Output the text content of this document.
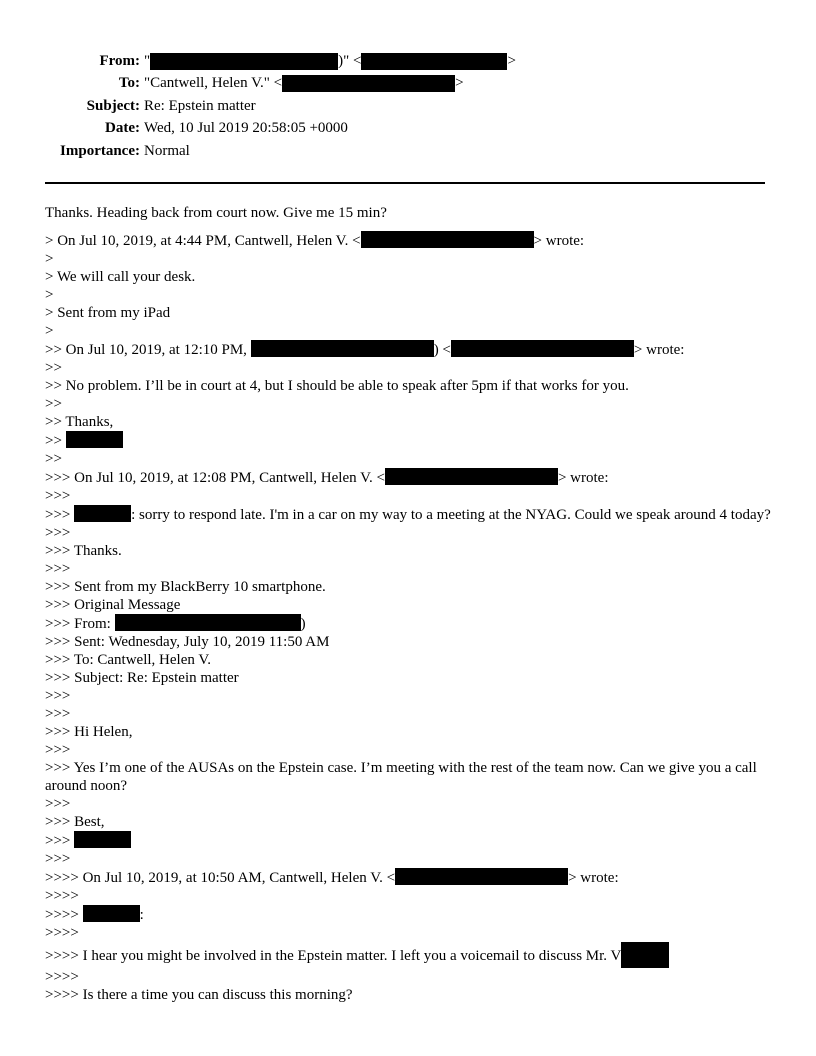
From: "	)" <	>
To: "Cantwell, Helen V." <	>
Subject: Re: Epstein matter
Date: Wed, 10 Jul 2019 20:58:05 +0000
Importance: Normal
Thanks. Heading back from court now. Give me 15 min?
> On Jul 10, 2019, at 4:44 PM, Cantwell, Helen V. <	> wrote:
>
> We will call your desk.
>
> Sent from my iPad
>
>> On Jul 10, 2019, at 12:10 PM,	) <	> wrote:
>>
>> No problem. I’ll be in court at 4, but I should be able to speak after 5pm if that works for you.
>>
>> Thanks,
>>
>>
>>> On Jul 10, 2019, at 12:08 PM, Cantwell, Helen V. <	> wrote:
>>>
>>>	: sorry to respond late. I'm in a car on my way to a meeting at the NYAG. Could we speak around 4 today?
>>>
>>> Thanks.
>>>
>>> Sent from my BlackBerry 10 smartphone.
>>> Original Message
>>> From:	)
>>> Sent: Wednesday, July 10, 2019 11:50 AM
>>> To: Cantwell, Helen V.
>>> Subject: Re: Epstein matter
>>>
>>>
>>> Hi Helen,
>>>
>>> Yes I’m one of the AUSAs on the Epstein case. I’m meeting with the rest of the team now. Can we give you a call around noon?
>>>
>>> Best,
>>>
>>>
>>>> On Jul 10, 2019, at 10:50 AM, Cantwell, Helen V. <	> wrote:
>>>>
>>>>	:
>>>>
>>>> I hear you might be involved in the Epstein matter. I left you a voicemail to discuss Mr. V
>>>>
>>>> Is there a time you can discuss this morning?
